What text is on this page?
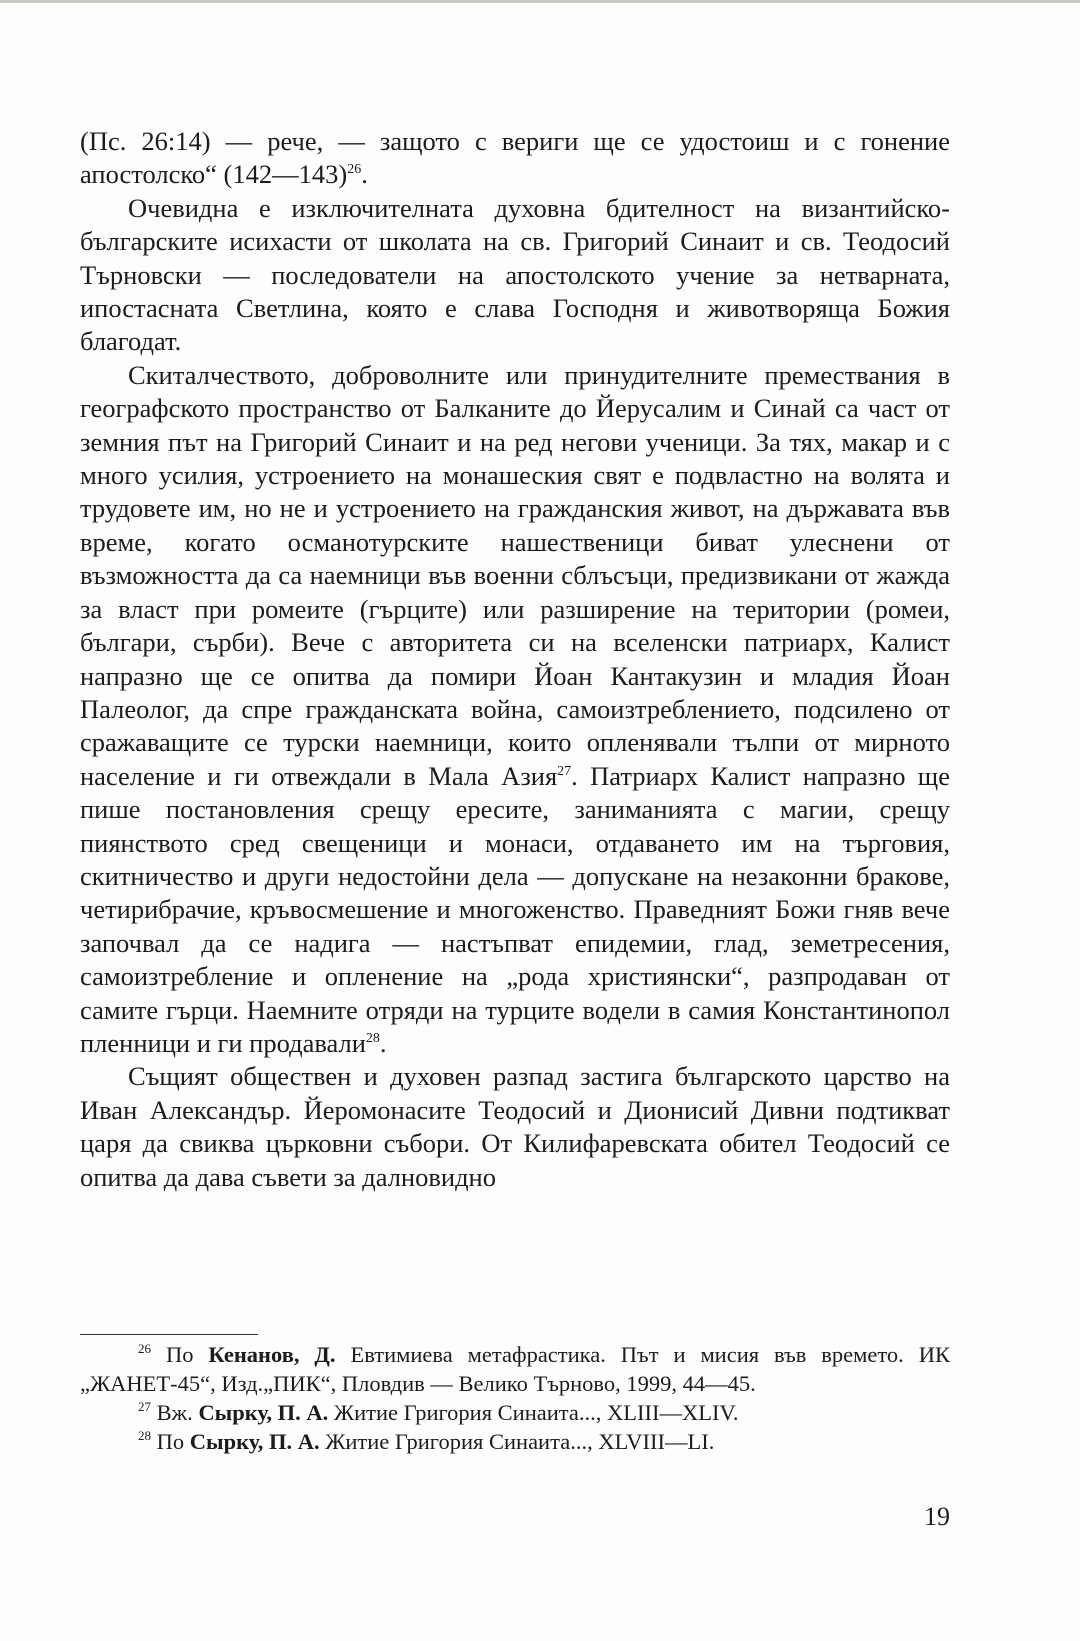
(Пс. 26:14) — рече, — защото с вериги ще се удостоиш и с гонение апостолско“ (142—143)$^{26}$.

Очевидна е изключителната духовна бдителност на византийско-българските исихасти от школата на св. Григорий Синаит и св. Теодосий Търновски — последователи на апостолското учение за нетварната, ипостасната Светлина, която е слава Господня и животворяща Божия благодат.

Скиталчеството, доброволните или принудителните премествания в географското пространство от Балканите до Йерусалим и Синай са част от земния път на Григорий Синаит и на ред негови ученици. За тях, макар и с много усилия, устроението на монашеския свят е подвластно на волята и трудовете им, но не и устроението на гражданския живот, на държавата във време, когато османотурските нашественици биват улеснени от възможността да са наемници във военни сблъсъци, предизвикани от жажда за власт при ромеите (гърците) или разширение на територии (ромеи, българи, сърби). Вече с авторитета си на вселенски патриарх, Калист напразно ще се опитва да помири Йоан Кантакузин и младия Йоан Палеолог, да спре гражданската война, самоизтреблението, подсилено от сражаващите се турски наемници, които опленявали тълпи от мирното население и ги отвеждали в Мала Азия$^{27}$. Патриарх Калист напразно ще пише постановления срещу ересите, заниманията с магии, срещу пиянството сред свещеници и монаси, отдаването им на търговия, скитничество и други недостойни дела — допускане на незаконни бракове, четирибрачие, кръвосмешение и многоженство. Праведният Божи гняв вече започвал да се надига — настъпват епидемии, глад, земетресения, самоизтребление и опленение на „рода християнски“, разпродаван от самите гърци. Наемните отряди на турците водели в самия Константинопол пленници и ги продавали$^{28}$.

Същият обществен и духовен разпад застига българското царство на Иван Александър. Йеромонасите Теодосий и Дионисий Дивни подтикват царя да свиква църковни събори. От Килифаревската обител Теодосий се опитва да дава съвети за далновидно

$^{26}$ По Кенанов, Д. Евтимиева метафрастика. Път и мисия във времето. ИК „ЖАНЕТ-45“, Изд.„ПИК“, Пловдив — Велико Търново, 1999, 44—45.

$^{27}$ Вж. Сырку, П. А. Житие Григория Синаита..., XLIII—XLIV.

$^{28}$ По Сырку, П. А. Житие Григория Синаита..., XLVIII—LI.

19
